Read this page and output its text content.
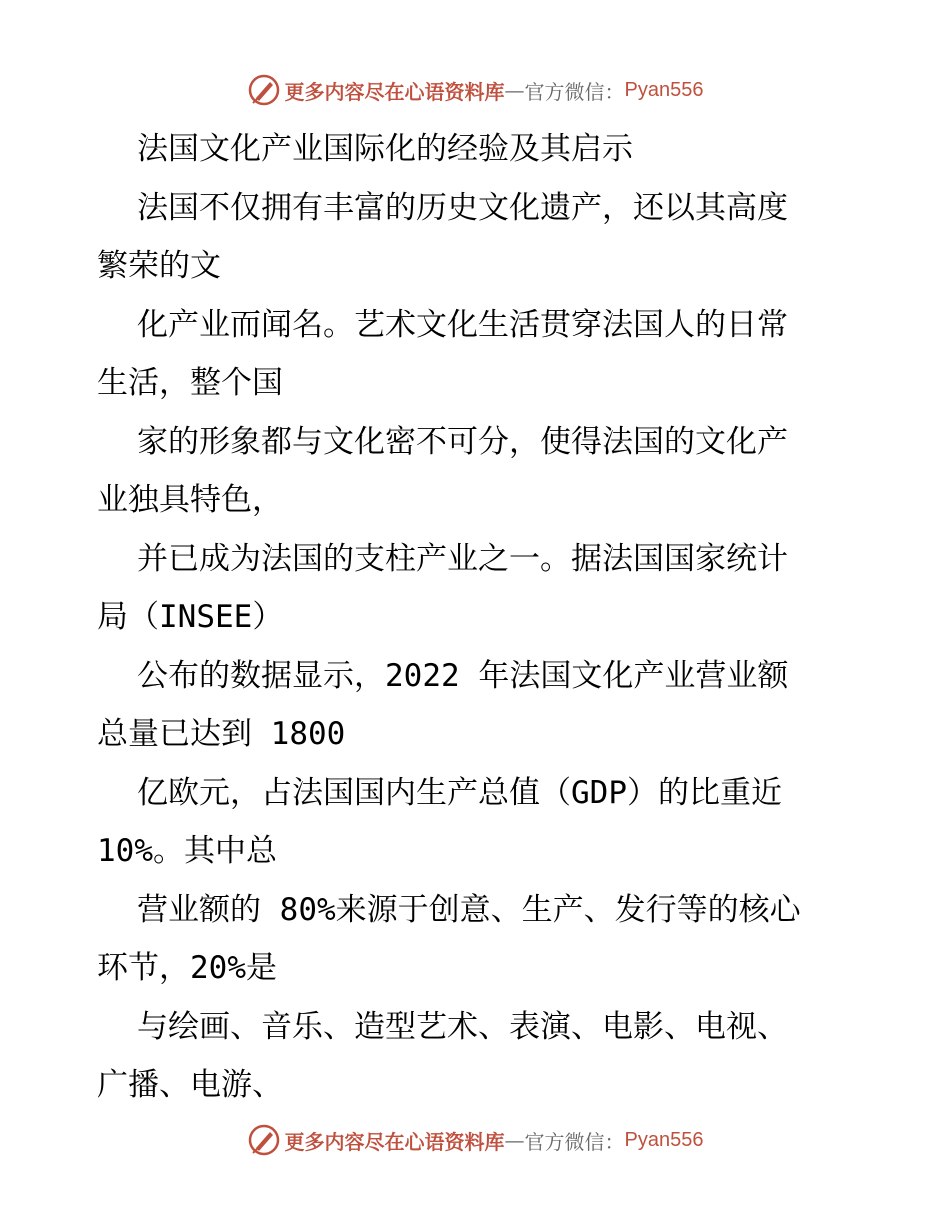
更多内容尽在心语资料库 — 官方微信： Pyan556
法国文化产业国际化的经验及其启示
法国不仅拥有丰富的历史文化遗产，还以其高度
繁荣的文
化产业而闻名。艺术文化生活贯穿法国人的日常
生活，整个国
家的形象都与文化密不可分，使得法国的文化产
业独具特色，
并已成为法国的支柱产业之一。据法国国家统计
局（INSEE）
公布的数据显示，2022 年法国文化产业营业额
总量已达到 1800
亿欧元，占法国国内生产总值（GDP）的比重近
10%。其中总
营业额的 80%来源于创意、生产、发行等的核心
环节，20%是
与绘画、音乐、造型艺术、表演、电影、电视、
广播、电游、
更多内容尽在心语资料库 — 官方微信： Pyan556
